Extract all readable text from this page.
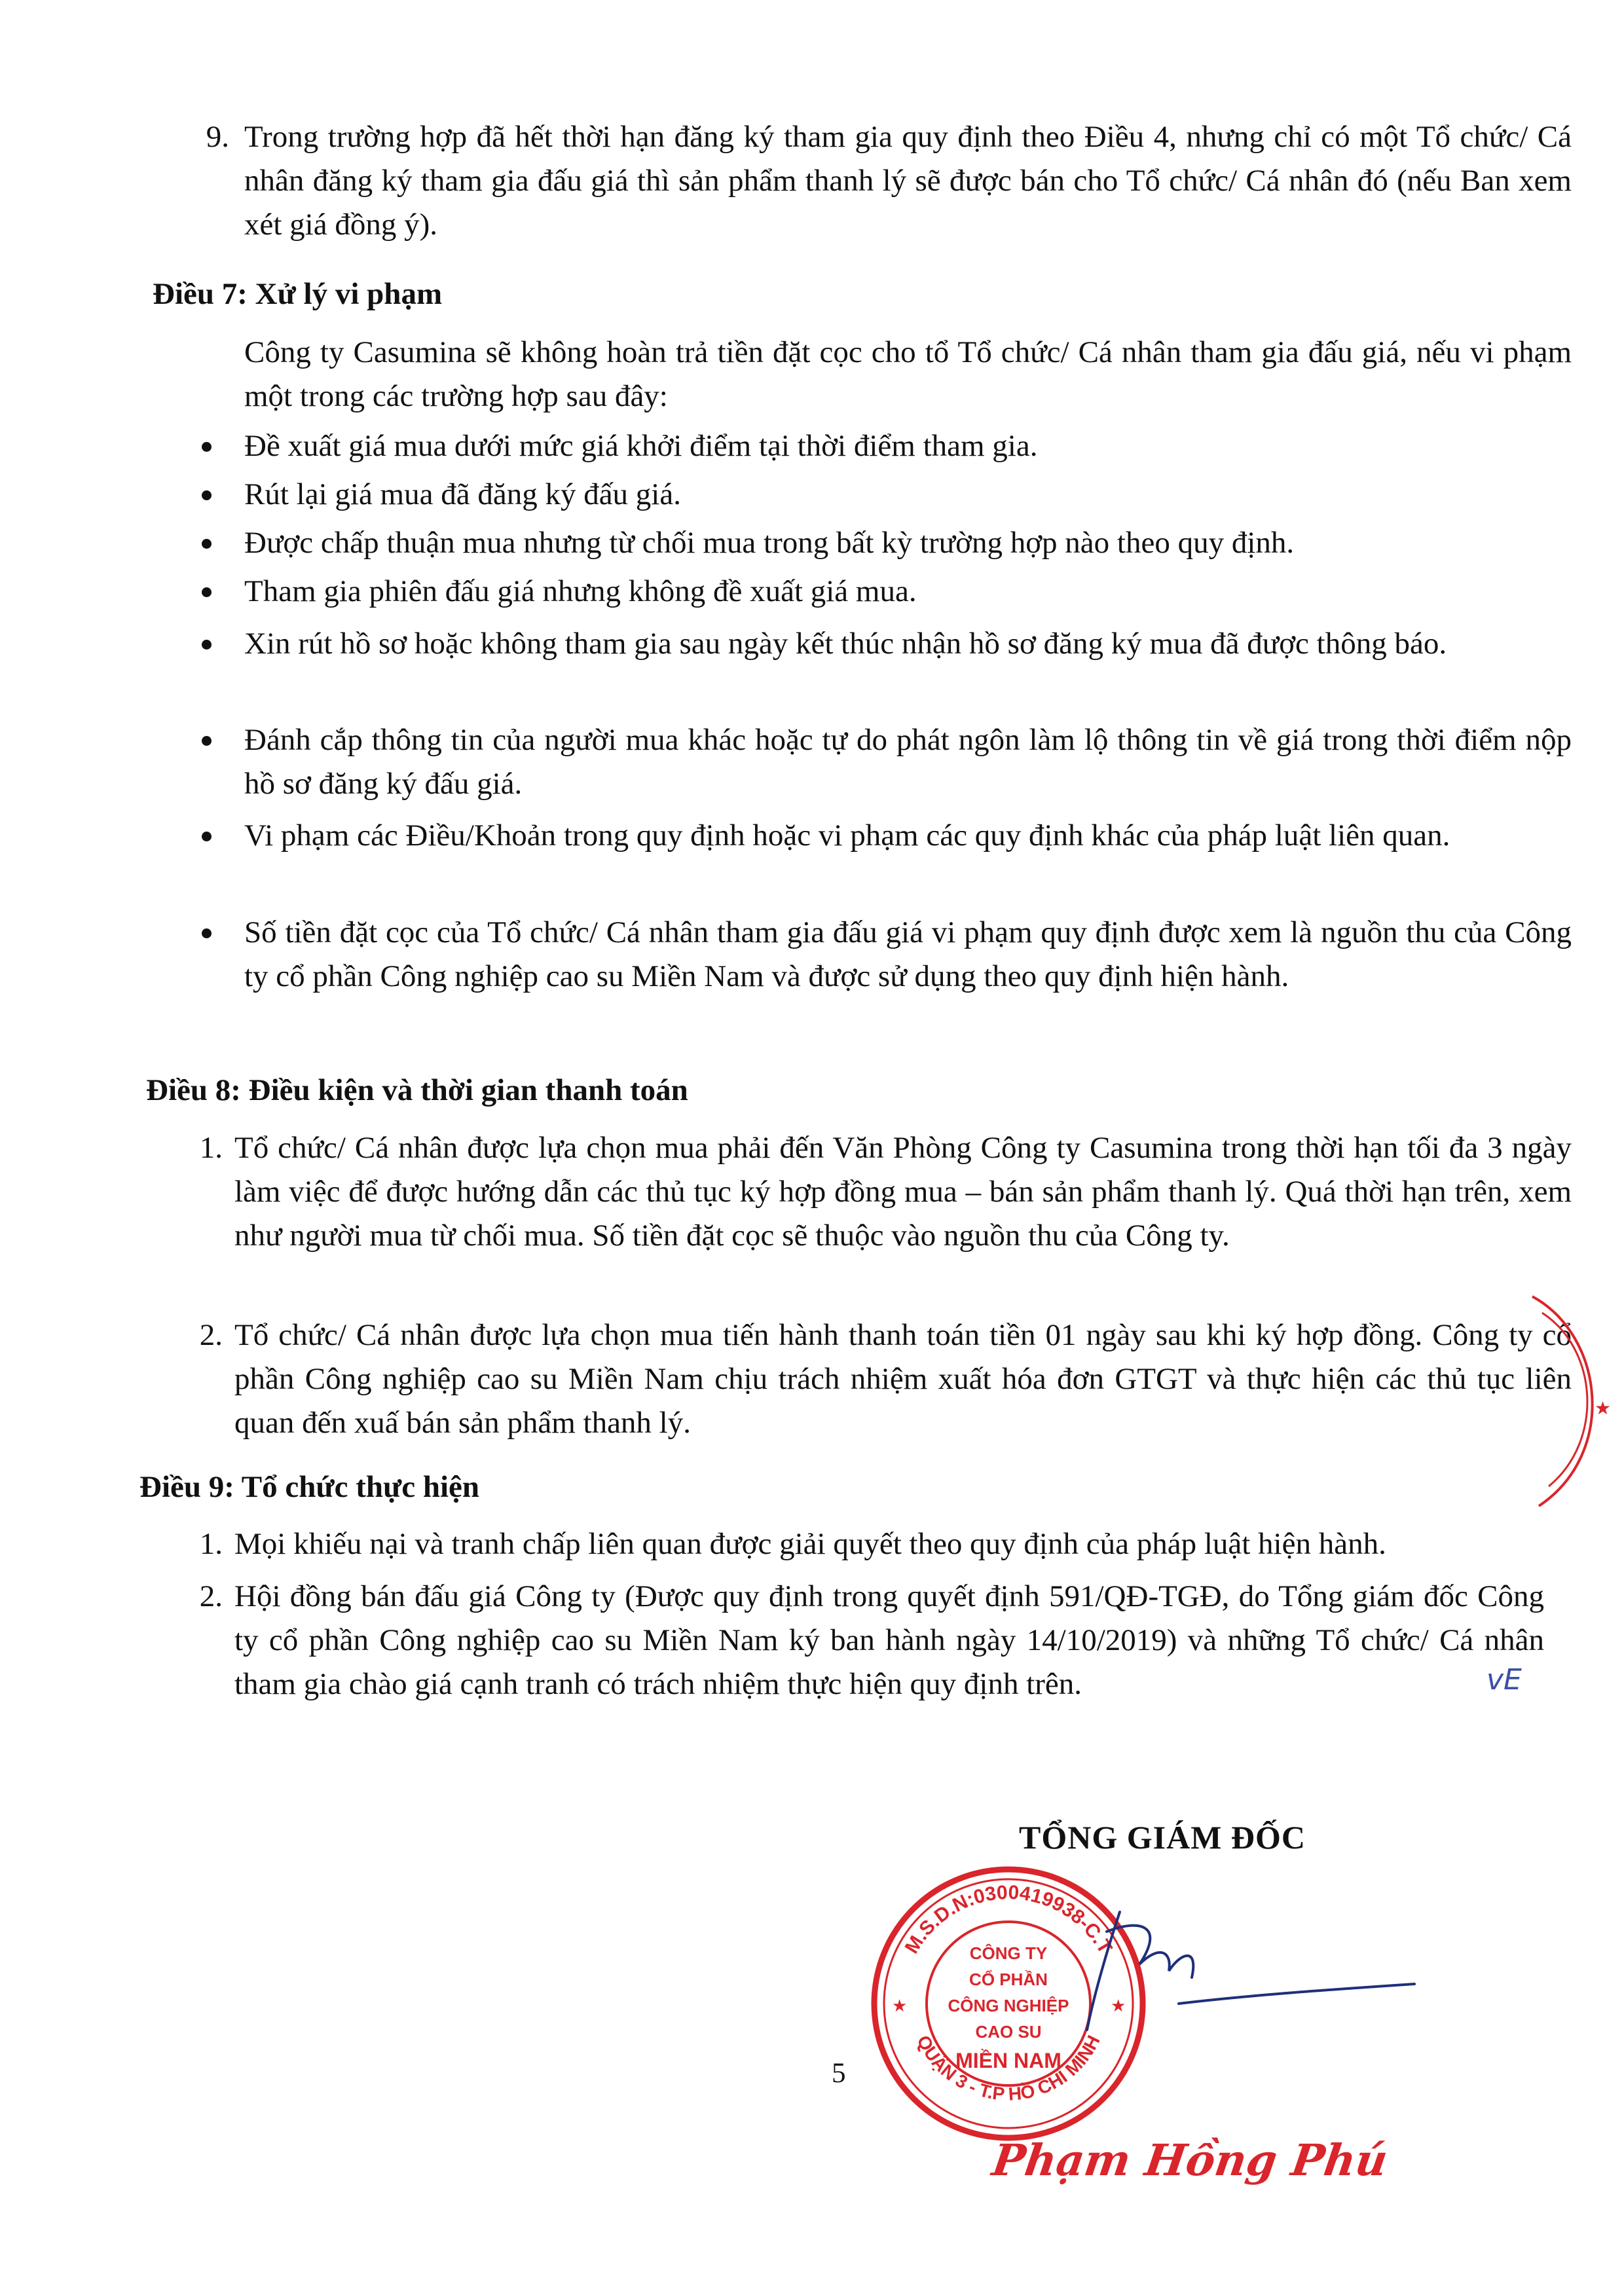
9. Trong trường hợp đã hết thời hạn đăng ký tham gia quy định theo Điều 4, nhưng chỉ có một Tổ chức/ Cá nhân đăng ký tham gia đấu giá thì sản phẩm thanh lý sẽ được bán cho Tổ chức/ Cá nhân đó (nếu Ban xem xét giá đồng ý).
Điều 7: Xử lý vi phạm
Công ty Casumina sẽ không hoàn trả tiền đặt cọc cho tổ Tổ chức/ Cá nhân tham gia đấu giá, nếu vi phạm một trong các trường hợp sau đây:
Đề xuất giá mua dưới mức giá khởi điểm tại thời điểm tham gia.
Rút lại giá mua đã đăng ký đấu giá.
Được chấp thuận mua nhưng từ chối mua trong bất kỳ trường hợp nào theo quy định.
Tham gia phiên đấu giá nhưng không đề xuất giá mua.
Xin rút hồ sơ hoặc không tham gia sau ngày kết thúc nhận hồ sơ đăng ký mua đã được thông báo.
Đánh cắp thông tin của người mua khác hoặc tự do phát ngôn làm lộ thông tin về giá trong thời điểm nộp hồ sơ đăng ký đấu giá.
Vi phạm các Điều/Khoản trong quy định hoặc vi phạm các quy định khác của pháp luật liên quan.
Số tiền đặt cọc của Tổ chức/ Cá nhân tham gia đấu giá vi phạm quy định được xem là nguồn thu của Công ty cổ phần Công nghiệp cao su Miền Nam và được sử dụng theo quy định hiện hành.
Điều 8: Điều kiện và thời gian thanh toán
1. Tổ chức/ Cá nhân được lựa chọn mua phải đến Văn Phòng Công ty Casumina trong thời hạn tối đa 3 ngày làm việc để được hướng dẫn các thủ tục ký hợp đồng mua – bán sản phẩm thanh lý. Quá thời hạn trên, xem như người mua từ chối mua. Số tiền đặt cọc sẽ thuộc vào nguồn thu của Công ty.
2. Tổ chức/ Cá nhân được lựa chọn mua tiến hành thanh toán tiền 01 ngày sau khi ký hợp đồng. Công ty cổ phần Công nghiệp cao su Miền Nam chịu trách nhiệm xuất hóa đơn GTGT và thực hiện các thủ tục liên quan đến xuấ bán sản phẩm thanh lý.
Điều 9: Tổ chức thực hiện
1. Mọi khiếu nại và tranh chấp liên quan được giải quyết theo quy định của pháp luật hiện hành.
2. Hội đồng bán đấu giá Công ty (Được quy định trong quyết định 591/QĐ-TGĐ, do Tổng giám đốc Công ty cổ phần Công nghiệp cao su Miền Nam ký ban hành ngày 14/10/2019) và những Tổ chức/ Cá nhân tham gia chào giá cạnh tranh có trách nhiệm thực hiện quy định trên.	vE
★
TỔNG GIÁM ĐỐC
M.S.D.N:0300419938-C.T
QUẬN 3 - T.P HỒ CHÍ MINH
★	★
CÔNG TY
CỔ PHẦN
CÔNG NGHIỆP
CAO SU
MIỀN NAM
5
Phạm Hồng Phú
